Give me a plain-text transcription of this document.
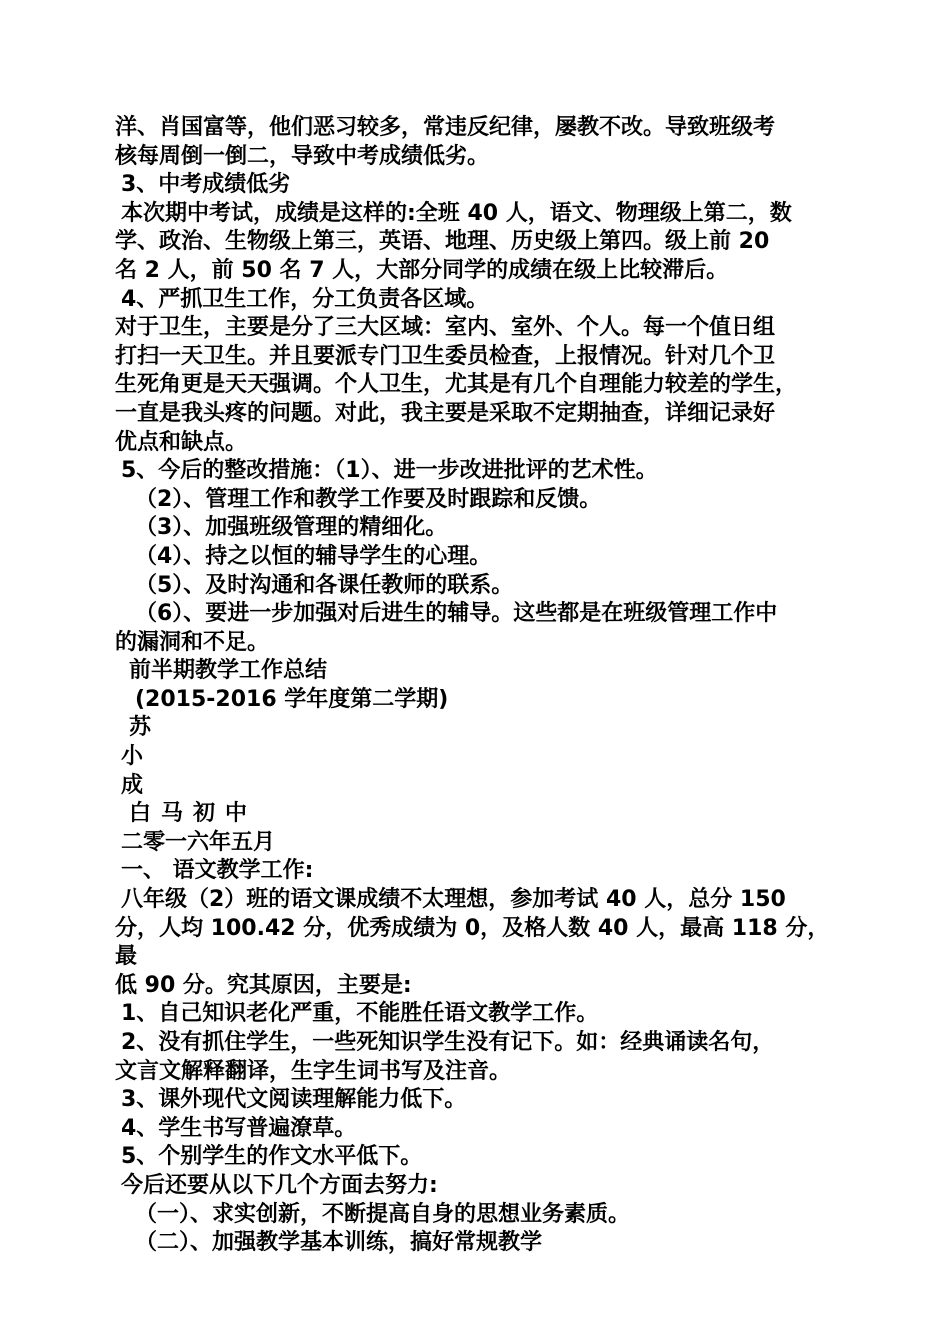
洋、肖国富等，他们恶习较多，常违反纪律，屡教不改。导致班级考

核每周倒一倒二，导致中考成绩低劣。

3、中考成绩低劣

本次期中考试，成绩是这样的:全班 40 人，语文、物理级上第二，数

学、政治、生物级上第三，英语、地理、历史级上第四。级上前 20

名 2 人，前 50 名 7 人，大部分同学的成绩在级上比较滞后。

4、严抓卫生工作，分工负责各区域。

对于卫生，主要是分了三大区域：室内、室外、个人。每一个值日组

打扫一天卫生。并且要派专门卫生委员检查，上报情况。针对几个卫

生死角更是天天强调。个人卫生，尤其是有几个自理能力较差的学生，

一直是我头疼的问题。对此，我主要是采取不定期抽查，详细记录好

优点和缺点。

5、今后的整改措施：（1）、进一步改进批评的艺术性。

（2）、管理工作和教学工作要及时跟踪和反馈。

（3）、加强班级管理的精细化。

（4）、持之以恒的辅导学生的心理。

（5）、及时沟通和各课任教师的联系。

（6）、要进一步加强对后进生的辅导。这些都是在班级管理工作中

的漏洞和不足。

前半期教学工作总结

(2015-2016 学年度第二学期)

苏

小

成

白马初中

二零一六年五月

一、 语文教学工作:

八年级（2）班的语文课成绩不太理想，参加考试 40 人，总分 150

分，人均 100.42 分，优秀成绩为 0，及格人数 40 人，最高 118 分，

最

低 90 分。究其原因，主要是:

1、自己知识老化严重，不能胜任语文教学工作。

2、没有抓住学生，一些死知识学生没有记下。如：经典诵读名句，

文言文解释翻译，生字生词书写及注音。

3、课外现代文阅读理解能力低下。

4、学生书写普遍潦草。

5、个别学生的作文水平低下。

今后还要从以下几个方面去努力:

（一）、求实创新，不断提高自身的思想业务素质。

（二）、加强教学基本训练，搞好常规教学
